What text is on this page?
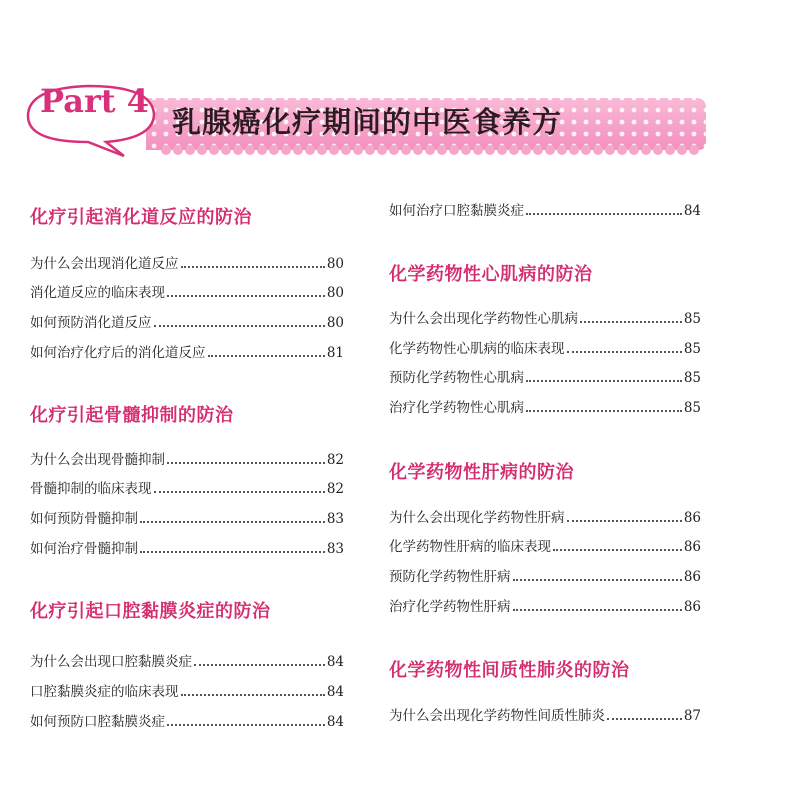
Part 4
乳腺癌化疗期间的中医食养方
化疗引起消化道反应的防治
为什么会出现消化道反应	80
消化道反应的临床表现	80
如何预防消化道反应	80
如何治疗化疗后的消化道反应	81
化疗引起骨髓抑制的防治
为什么会出现骨髓抑制	82
骨髓抑制的临床表现	82
如何预防骨髓抑制	83
如何治疗骨髓抑制	83
化疗引起口腔黏膜炎症的防治
为什么会出现口腔黏膜炎症	84
口腔黏膜炎症的临床表现	84
如何预防口腔黏膜炎症	84
如何治疗口腔黏膜炎症	84
化学药物性心肌病的防治
为什么会出现化学药物性心肌病	85
化学药物性心肌病的临床表现	85
预防化学药物性心肌病	85
治疗化学药物性心肌病	85
化学药物性肝病的防治
为什么会出现化学药物性肝病	86
化学药物性肝病的临床表现	86
预防化学药物性肝病	86
治疗化学药物性肝病	86
化学药物性间质性肺炎的防治
为什么会出现化学药物性间质性肺炎	87
